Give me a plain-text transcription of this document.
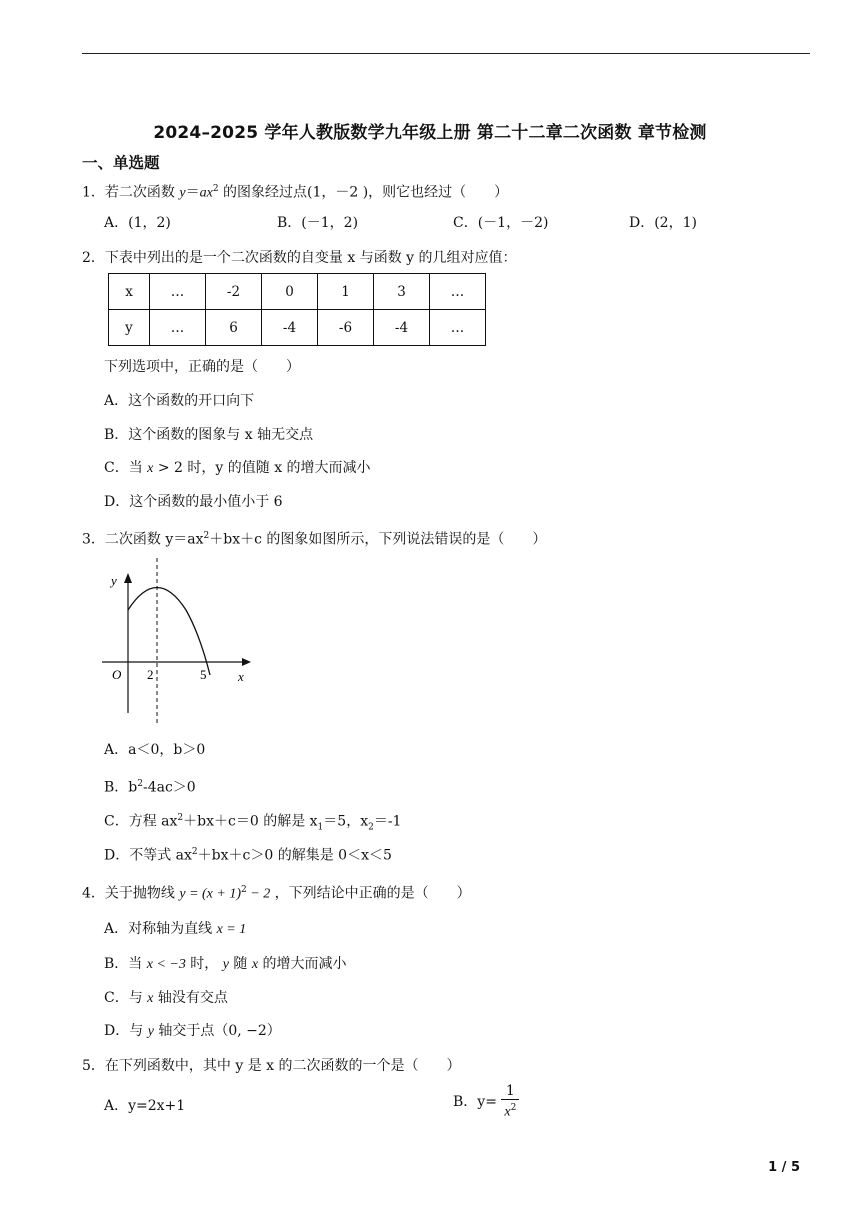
2024–2025 学年人教版数学九年级上册 第二十二章二次函数 章节检测
一、单选题
1．若二次函数 $y=ax^2$ 的图象经过点(1，－2 )，则它也经过（　　）
A．(1，2)	B．(－1，2)	C．(－1，－2)	D．(2，1)
2．下表中列出的是一个二次函数的自变量 x 与函数 y 的几组对应值：
x	…	-2	0	1	3	…
y	…	6	-4	-6	-4	…
下列选项中，正确的是（　　）
A．这个函数的开口向下
B．这个函数的图象与 x 轴无交点
C．当 x > 2 时，y 的值随 x 的增大而减小
D．这个函数的最小值小于 6
3．二次函数 $y=ax^2+bx+c$ 的图象如图所示，下列说法错误的是（　　）
y
x
O 2	5
A．a＜0，b＞0
B．$b^2-4ac>0$
C．方程 $ax^2+bx+c=0$ 的解是 $x_1=5$，$x_2=-1$
D．不等式 $ax^2+bx+c>0$ 的解集是 0＜x＜5
4．关于抛物线 $y = (x + 1)^2 - 2$ ，下列结论中正确的是（　　）
A．对称轴为直线 x = 1
B．当 x < −3 时， y 随 x 的增大而减小
C．与 x 轴没有交点
D．与 y 轴交于点（0, −2）
5．在下列函数中，其中 y 是 x 的二次函数的一个是（　　）
A．y=2x+1	B．$y= \frac{1}{x^2}$
1 / 5
